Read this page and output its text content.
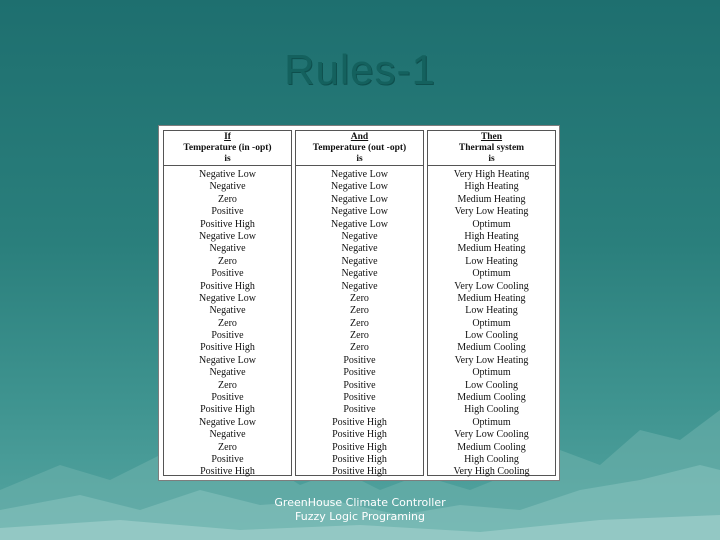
Rules-1
If
Temperature (in -opt)
is
Negative Low
Negative
Zero
Positive
Positive High
Negative Low
Negative
Zero
Positive
Positive High
Negative Low
Negative
Zero
Positive
Positive High
Negative Low
Negative
Zero
Positive
Positive High
Negative Low
Negative
Zero
Positive
Positive High
And
Temperature (out -opt)
is
Negative Low
Negative Low
Negative Low
Negative Low
Negative Low
Negative
Negative
Negative
Negative
Negative
Zero
Zero
Zero
Zero
Zero
Positive
Positive
Positive
Positive
Positive
Positive High
Positive High
Positive High
Positive High
Positive High
Then
Thermal system
is
Very High Heating
High Heating
Medium Heating
Very Low Heating
Optimum
High Heating
Medium Heating
Low Heating
Optimum
Very Low Cooling
Medium Heating
Low Heating
Optimum
Low Cooling
Medium Cooling
Very Low Heating
Optimum
Low Cooling
Medium Cooling
High Cooling
Optimum
Very Low Cooling
Medium Cooling
High Cooling
Very High Cooling
GreenHouse Climate Controller
Fuzzy Logic Programing
